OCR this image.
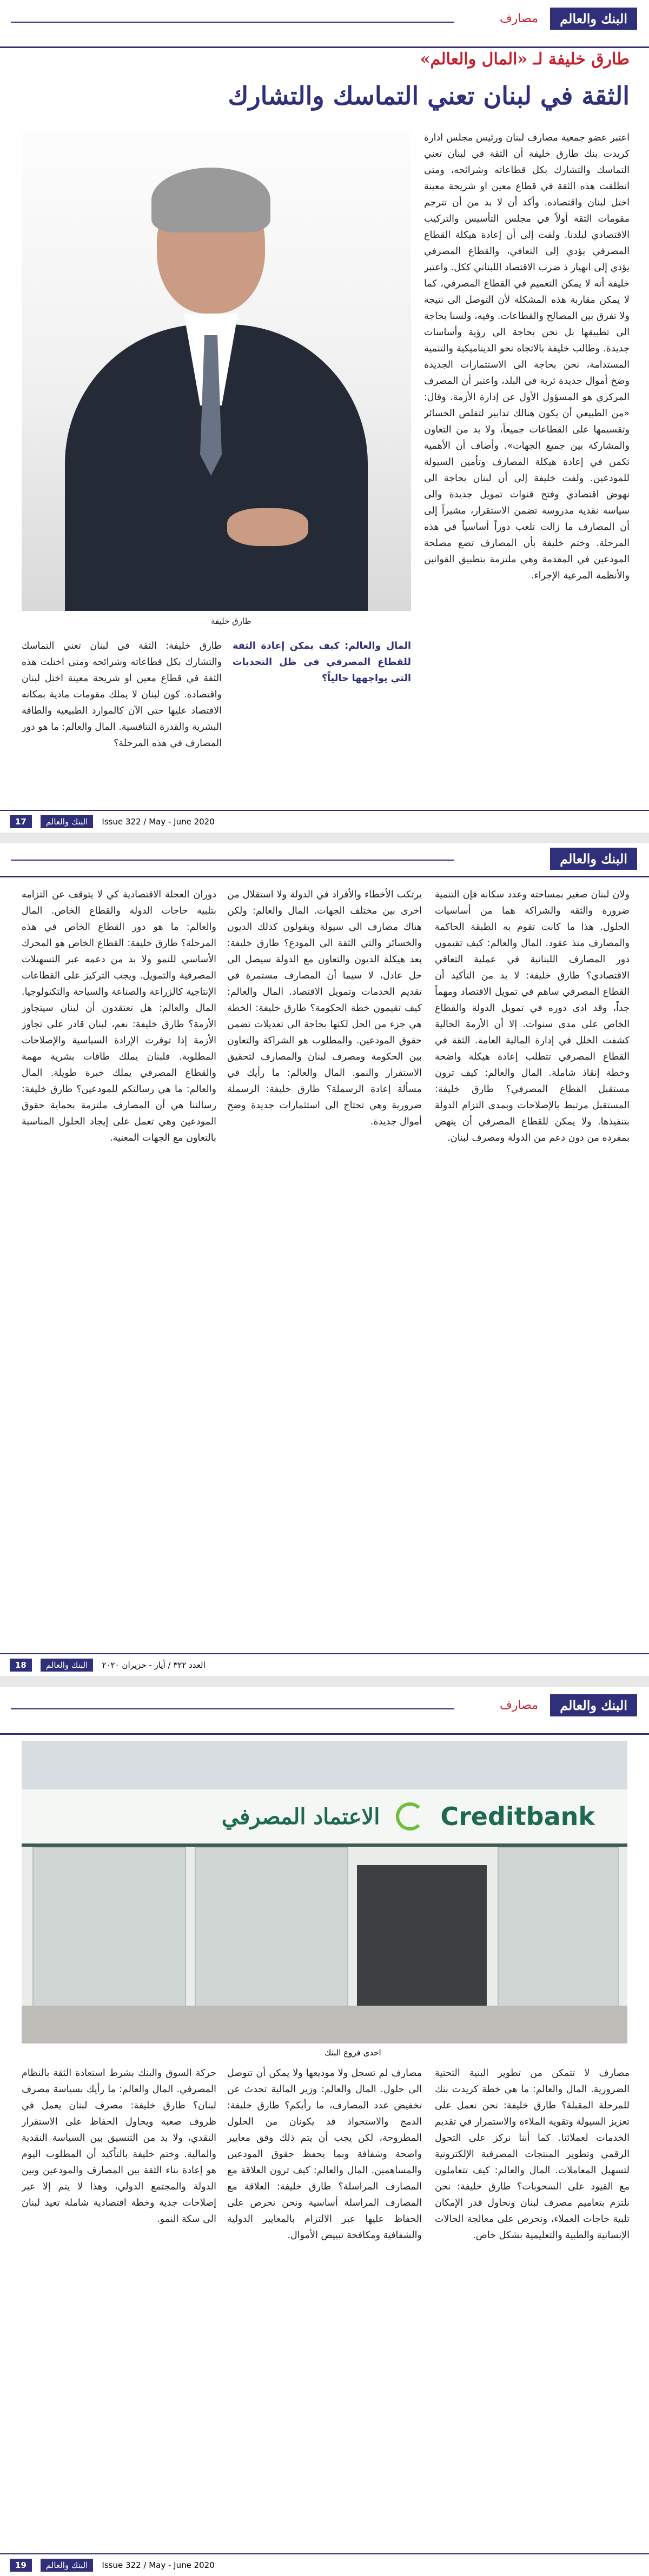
مصارف البنك والعالم
طارق خليفة لـ «المال والعالم»
الثقة في لبنان تعني التماسك والتشارك
طارق خليفة
اعتبر عضو جمعية مصارف لبنان ورئيس مجلس ادارة كريدت بنك طارق خليفة أن الثقة في لبنان تعني التماسك والتشارك بكل قطاعاته وشرائحه، ومتى انطلقت هذه الثقة في قطاع معين او شريحة معينة اختل لبنان واقتصاده. وأكد أن لا بد من أن تترجم مقومات الثقة أولاً في مجلس التأسيس والتركيب الاقتصادي لبلدنا. ولفت إلى أن إعادة هيكلة القطاع المصرفي يؤدي إلى التعافي، والقطاع المصرفي يؤدي إلى انهيار ذ ضرب الاقتصاد اللبناني ككل. واعتبر خليفة أنه لا يمكن التعميم في القطاع المصرفي، كما لا يمكن مقاربة هذه المشكلة لأن التوصل الى نتيجة ولا تفرق بين المصالح والقطاعات. وفيه، ولسنا بحاجة الى تطبيقها بل نحن بحاجة الى رؤية وأساسات جديدة. وطالب خليفة بالاتجاه نحو الديناميكية والتنمية المستدامة، نحن بحاجة الى الاستثمارات الجديدة وضخ أموال جديدة ثرية في البلد، واعتبر أن المصرف المركزي هو المسؤول الأول عن إدارة الأزمة. وقال: «من الطبيعي أن يكون هنالك تدابير لتقلص الخسائر وتقسيمها على القطاعات جميعاً، ولا بد من التعاون والمشاركة بين جميع الجهات». وأضاف أن الأهمية تكمن في إعادة هيكلة المصارف وتأمين السيولة للمودعين. ولفت خليفة إلى أن لبنان بحاجة الى نهوض اقتصادي وفتح قنوات تمويل جديدة والى سياسة نقدية مدروسة تضمن الاستقرار، مشيراً إلى أن المصارف ما زالت تلعب دوراً أساسياً في هذه المرحلة. وختم خليفة بأن المصارف تضع مصلحة المودعين في المقدمة وهي ملتزمة بتطبيق القوانين والأنظمة المرعية الإجراء.

المال والعالم: كيف يمكن إعادة الثقة للقطاع المصرفي في ظل التحديات التي يواجهها حالياً؟

طارق خليفة: الثقة في لبنان تعني التماسك والتشارك بكل قطاعاته وشرائحه ومتى اختلت هذه الثقة في قطاع معين او شريحة معينة اختل لبنان واقتصاده. كون لبنان لا يملك مقومات مادية بمكانه الاقتصاد عليها حتى الآن كالموارد الطبيعية والطاقة البشرية والقدرة التنافسية. المال والعالم: ما هو دور المصارف في هذه المرحلة؟
17	البنك والعالم	Issue 322 / May - June 2020
البنك والعالم
ولان لبنان صغير بمساحته وعدد سكانه فإن التنمية ضرورة والثقة والشراكة هما من أساسيات الحلول. هذا ما كانت تقوم به الطبقة الحاكمة والمصارف منذ عقود. المال والعالم: كيف تقيمون دور المصارف اللبنانية في عملية التعافي الاقتصادي؟ طارق خليفة: لا بد من التأكيد أن القطاع المصرفي ساهم في تمويل الاقتصاد ومهماً جداً، وقد ادى دوره في تمويل الدولة والقطاع الخاص على مدى سنوات. إلا أن الأزمة الحالية كشفت الخلل في إدارة المالية العامة. الثقة في القطاع المصرفي تتطلب إعادة هيكلة واضحة وخطة إنقاذ شاملة. المال والعالم: كيف ترون مستقبل القطاع المصرفي؟ طارق خليفة: المستقبل مرتبط بالإصلاحات وبمدى التزام الدولة بتنفيذها. ولا يمكن للقطاع المصرفي أن ينهض بمفرده من دون دعم من الدولة ومصرف لبنان.
يرتكب الأخطاء والأفراد في الدولة ولا استقلال من اخرى بين مختلف الجهات. المال والعالم: ولكن هناك مصارف الى سيولة ويقولون كذلك الديون والخسائر والتي الثقة الى المودع؟ طارق خليفة: بعد هيكلة الديون والتعاون مع الدولة سيصل الى حل عادل، لا سيما أن المصارف مستمرة في تقديم الخدمات وتمويل الاقتصاد. المال والعالم: كيف تقيمون خطة الحكومة؟ طارق خليفة: الخطة هي جزء من الحل لكنها بحاجة الى تعديلات تضمن حقوق المودعين. والمطلوب هو الشراكة والتعاون بين الحكومة ومصرف لبنان والمصارف لتحقيق الاستقرار والنمو. المال والعالم: ما رأيك في مسألة إعادة الرسملة؟ طارق خليفة: الرسملة ضرورية وهي تحتاج الى استثمارات جديدة وضخ أموال جديدة.
دوران العجلة الاقتصادية كي لا يتوقف عن التزامه بتلبية حاجات الدولة والقطاع الخاص. المال والعالم: ما هو دور القطاع الخاص في هذه المرحلة؟ طارق خليفة: القطاع الخاص هو المحرك الأساسي للنمو ولا بد من دعمه عبر التسهيلات المصرفية والتمويل. ويجب التركيز على القطاعات الإنتاجية كالزراعة والصناعة والسياحة والتكنولوجيا. المال والعالم: هل تعتقدون أن لبنان سيتجاوز الأزمة؟ طارق خليفة: نعم، لبنان قادر على تجاوز الأزمة إذا توفرت الإرادة السياسية والإصلاحات المطلوبة. فلبنان يملك طاقات بشرية مهمة والقطاع المصرفي يملك خبرة طويلة. المال والعالم: ما هي رسالتكم للمودعين؟ طارق خليفة: رسالتنا هي أن المصارف ملتزمة بحماية حقوق المودعين وهي تعمل على إيجاد الحلول المناسبة بالتعاون مع الجهات المعنية.
18	البنك والعالم	العدد ٣٢٢ / أيار - حزيران ٢٠٢٠
مصارف البنك والعالم
الاعتماد المصرفي Creditbank
احدى فروع البنك
مصارف لا تتمكن من تطوير البنية التحتية الضرورية. المال والعالم: ما هي خطة كريدت بنك للمرحلة المقبلة؟ طارق خليفة: نحن نعمل على تعزيز السيولة وتقوية الملاءة والاستمرار في تقديم الخدمات لعملائنا. كما أننا نركز على التحول الرقمي وتطوير المنتجات المصرفية الإلكترونية لتسهيل المعاملات. المال والعالم: كيف تتعاملون مع القيود على السحوبات؟ طارق خليفة: نحن نلتزم بتعاميم مصرف لبنان ونحاول قدر الإمكان تلبية حاجات العملاء، ونحرص على معالجة الحالات الإنسانية والطبية والتعليمية بشكل خاص.
مصارف لم تسجل ولا موديعها ولا يمكن أن تتوصل الى حلول. المال والعالم: وزير المالية تحدث عن تخفيض عدد المصارف، ما رأيكم؟ طارق خليفة: الدمج والاستحواذ قد يكونان من الحلول المطروحة، لكن يجب أن يتم ذلك وفق معايير واضحة وشفافة وبما يحفظ حقوق المودعين والمساهمين. المال والعالم: كيف ترون العلاقة مع المصارف المراسلة؟ طارق خليفة: العلاقة مع المصارف المراسلة أساسية ونحن نحرص على الحفاظ عليها عبر الالتزام بالمعايير الدولية والشفافية ومكافحة تبييض الأموال.
حركة السوق والبنك بشرط استعادة الثقة بالنظام المصرفي. المال والعالم: ما رأيك بسياسة مصرف لبنان؟ طارق خليفة: مصرف لبنان يعمل في ظروف صعبة ويحاول الحفاظ على الاستقرار النقدي، ولا بد من التنسيق بين السياسة النقدية والمالية. وختم خليفة بالتأكيد أن المطلوب اليوم هو إعادة بناء الثقة بين المصارف والمودعين وبين الدولة والمجتمع الدولي، وهذا لا يتم إلا عبر إصلاحات جدية وخطة اقتصادية شاملة تعيد لبنان الى سكة النمو.
19	البنك والعالم	Issue 322 / May - June 2020
